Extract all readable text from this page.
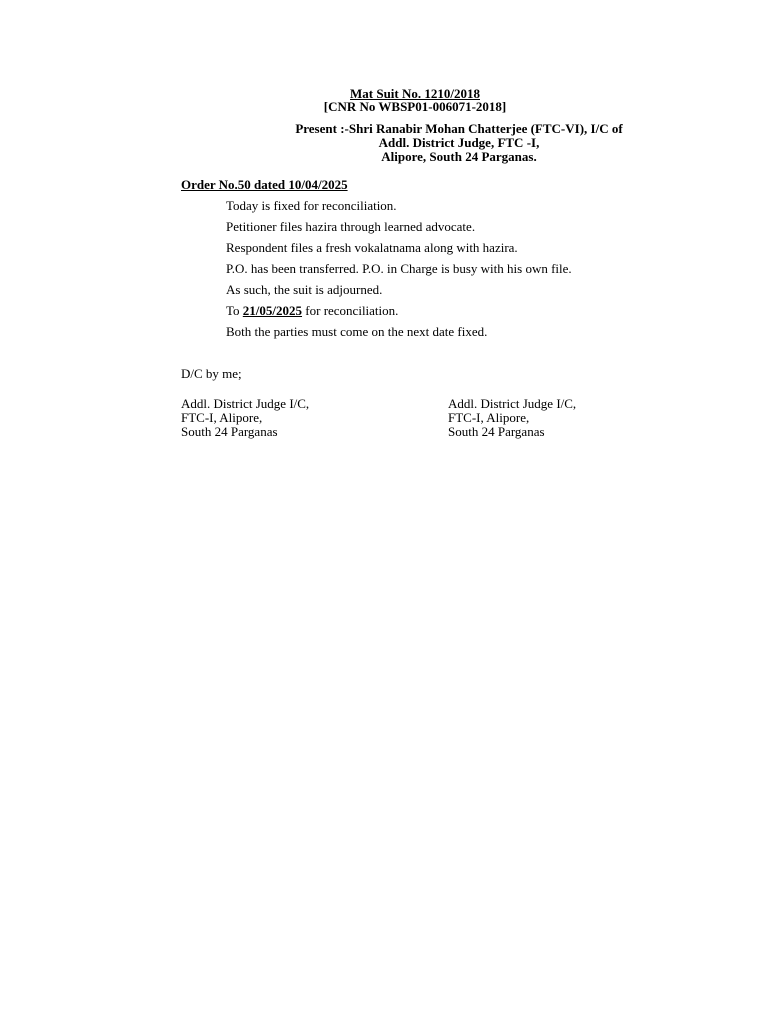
Mat Suit No. 1210/2018
[CNR No WBSP01-006071-2018]
Present :-Shri Ranabir Mohan Chatterjee (FTC-VI), I/C of
Addl. District Judge, FTC -I,
Alipore, South 24 Parganas.
Order No.50 dated 10/04/2025
Today is fixed for reconciliation.
Petitioner files hazira through learned advocate.
Respondent files a fresh vokalatnama along with hazira.
P.O. has been transferred. P.O. in Charge is busy with his own file.
As such, the suit is adjourned.
To 21/05/2025 for reconciliation.
Both the parties must come on the next date fixed.
D/C by me;
Addl. District Judge I/C,
FTC-I, Alipore,
South 24 Parganas
Addl. District Judge I/C,
FTC-I, Alipore,
South 24 Parganas
